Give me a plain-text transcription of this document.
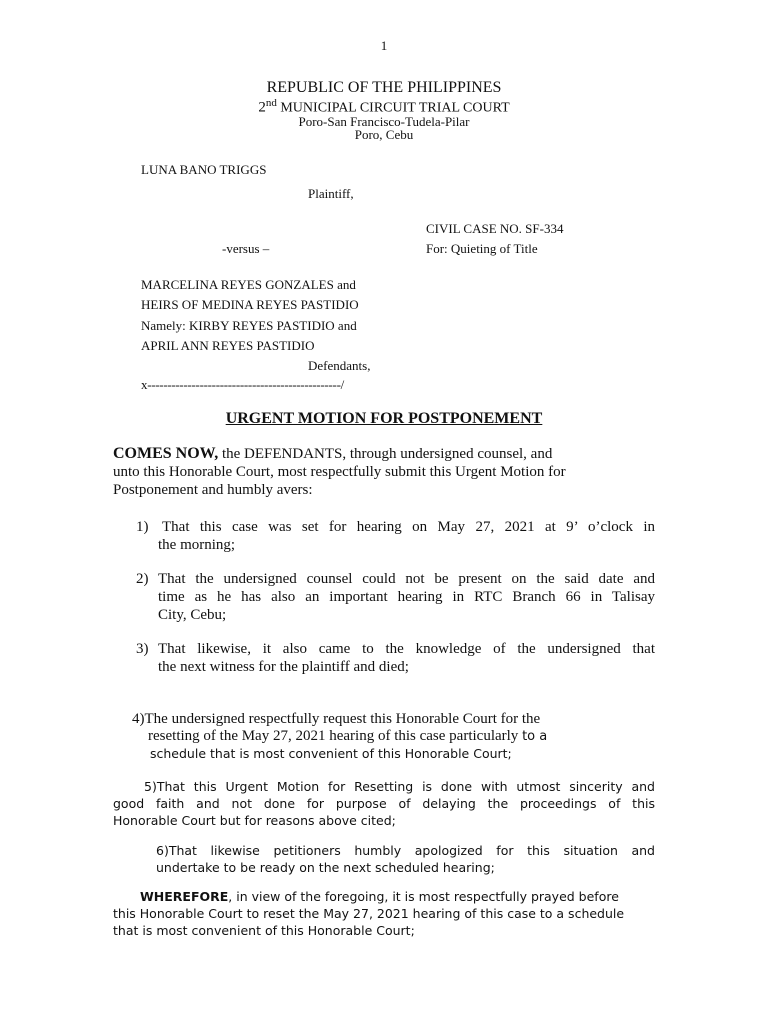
1
REPUBLIC OF THE PHILIPPINES
2nd MUNICIPAL CIRCUIT TRIAL COURT
Poro-San Francisco-Tudela-Pilar
Poro, Cebu
LUNA BANO TRIGGS
Plaintiff,
CIVIL CASE NO. SF-334
-versus –	For: Quieting of Title
MARCELINA REYES GONZALES and
HEIRS OF MEDINA REYES PASTIDIO
Namely: KIRBY REYES PASTIDIO and
APRIL ANN REYES PASTIDIO
Defendants,
x------------------------------------------------/
URGENT MOTION FOR POSTPONEMENT
COMES NOW, the DEFENDANTS, through undersigned counsel, and
unto this Honorable Court, most respectfully submit this Urgent Motion for
Postponement and humbly avers:
1) That this case was set for hearing on May 27, 2021 at 9’ o’clock in
the morning;
2) That the undersigned counsel could not be present on the said date and
time as he has also an important hearing in RTC Branch 66 in Talisay
City, Cebu;
3) That likewise, it also came to the knowledge of the undersigned that
the next witness for the plaintiff and died;
4)The undersigned respectfully request this Honorable Court for the
resetting of the May 27, 2021 hearing of this case particularly to a
schedule that is most convenient of this Honorable Court;
5)That this Urgent Motion for Resetting is done with utmost sincerity and
good faith and not done for purpose of delaying the proceedings of this
Honorable Court but for reasons above cited;
6)That likewise petitioners humbly apologized for this situation and
undertake to be ready on the next scheduled hearing;
WHEREFORE, in view of the foregoing, it is most respectfully prayed before
this Honorable Court to reset the May 27, 2021 hearing of this case to a schedule
that is most convenient of this Honorable Court;
